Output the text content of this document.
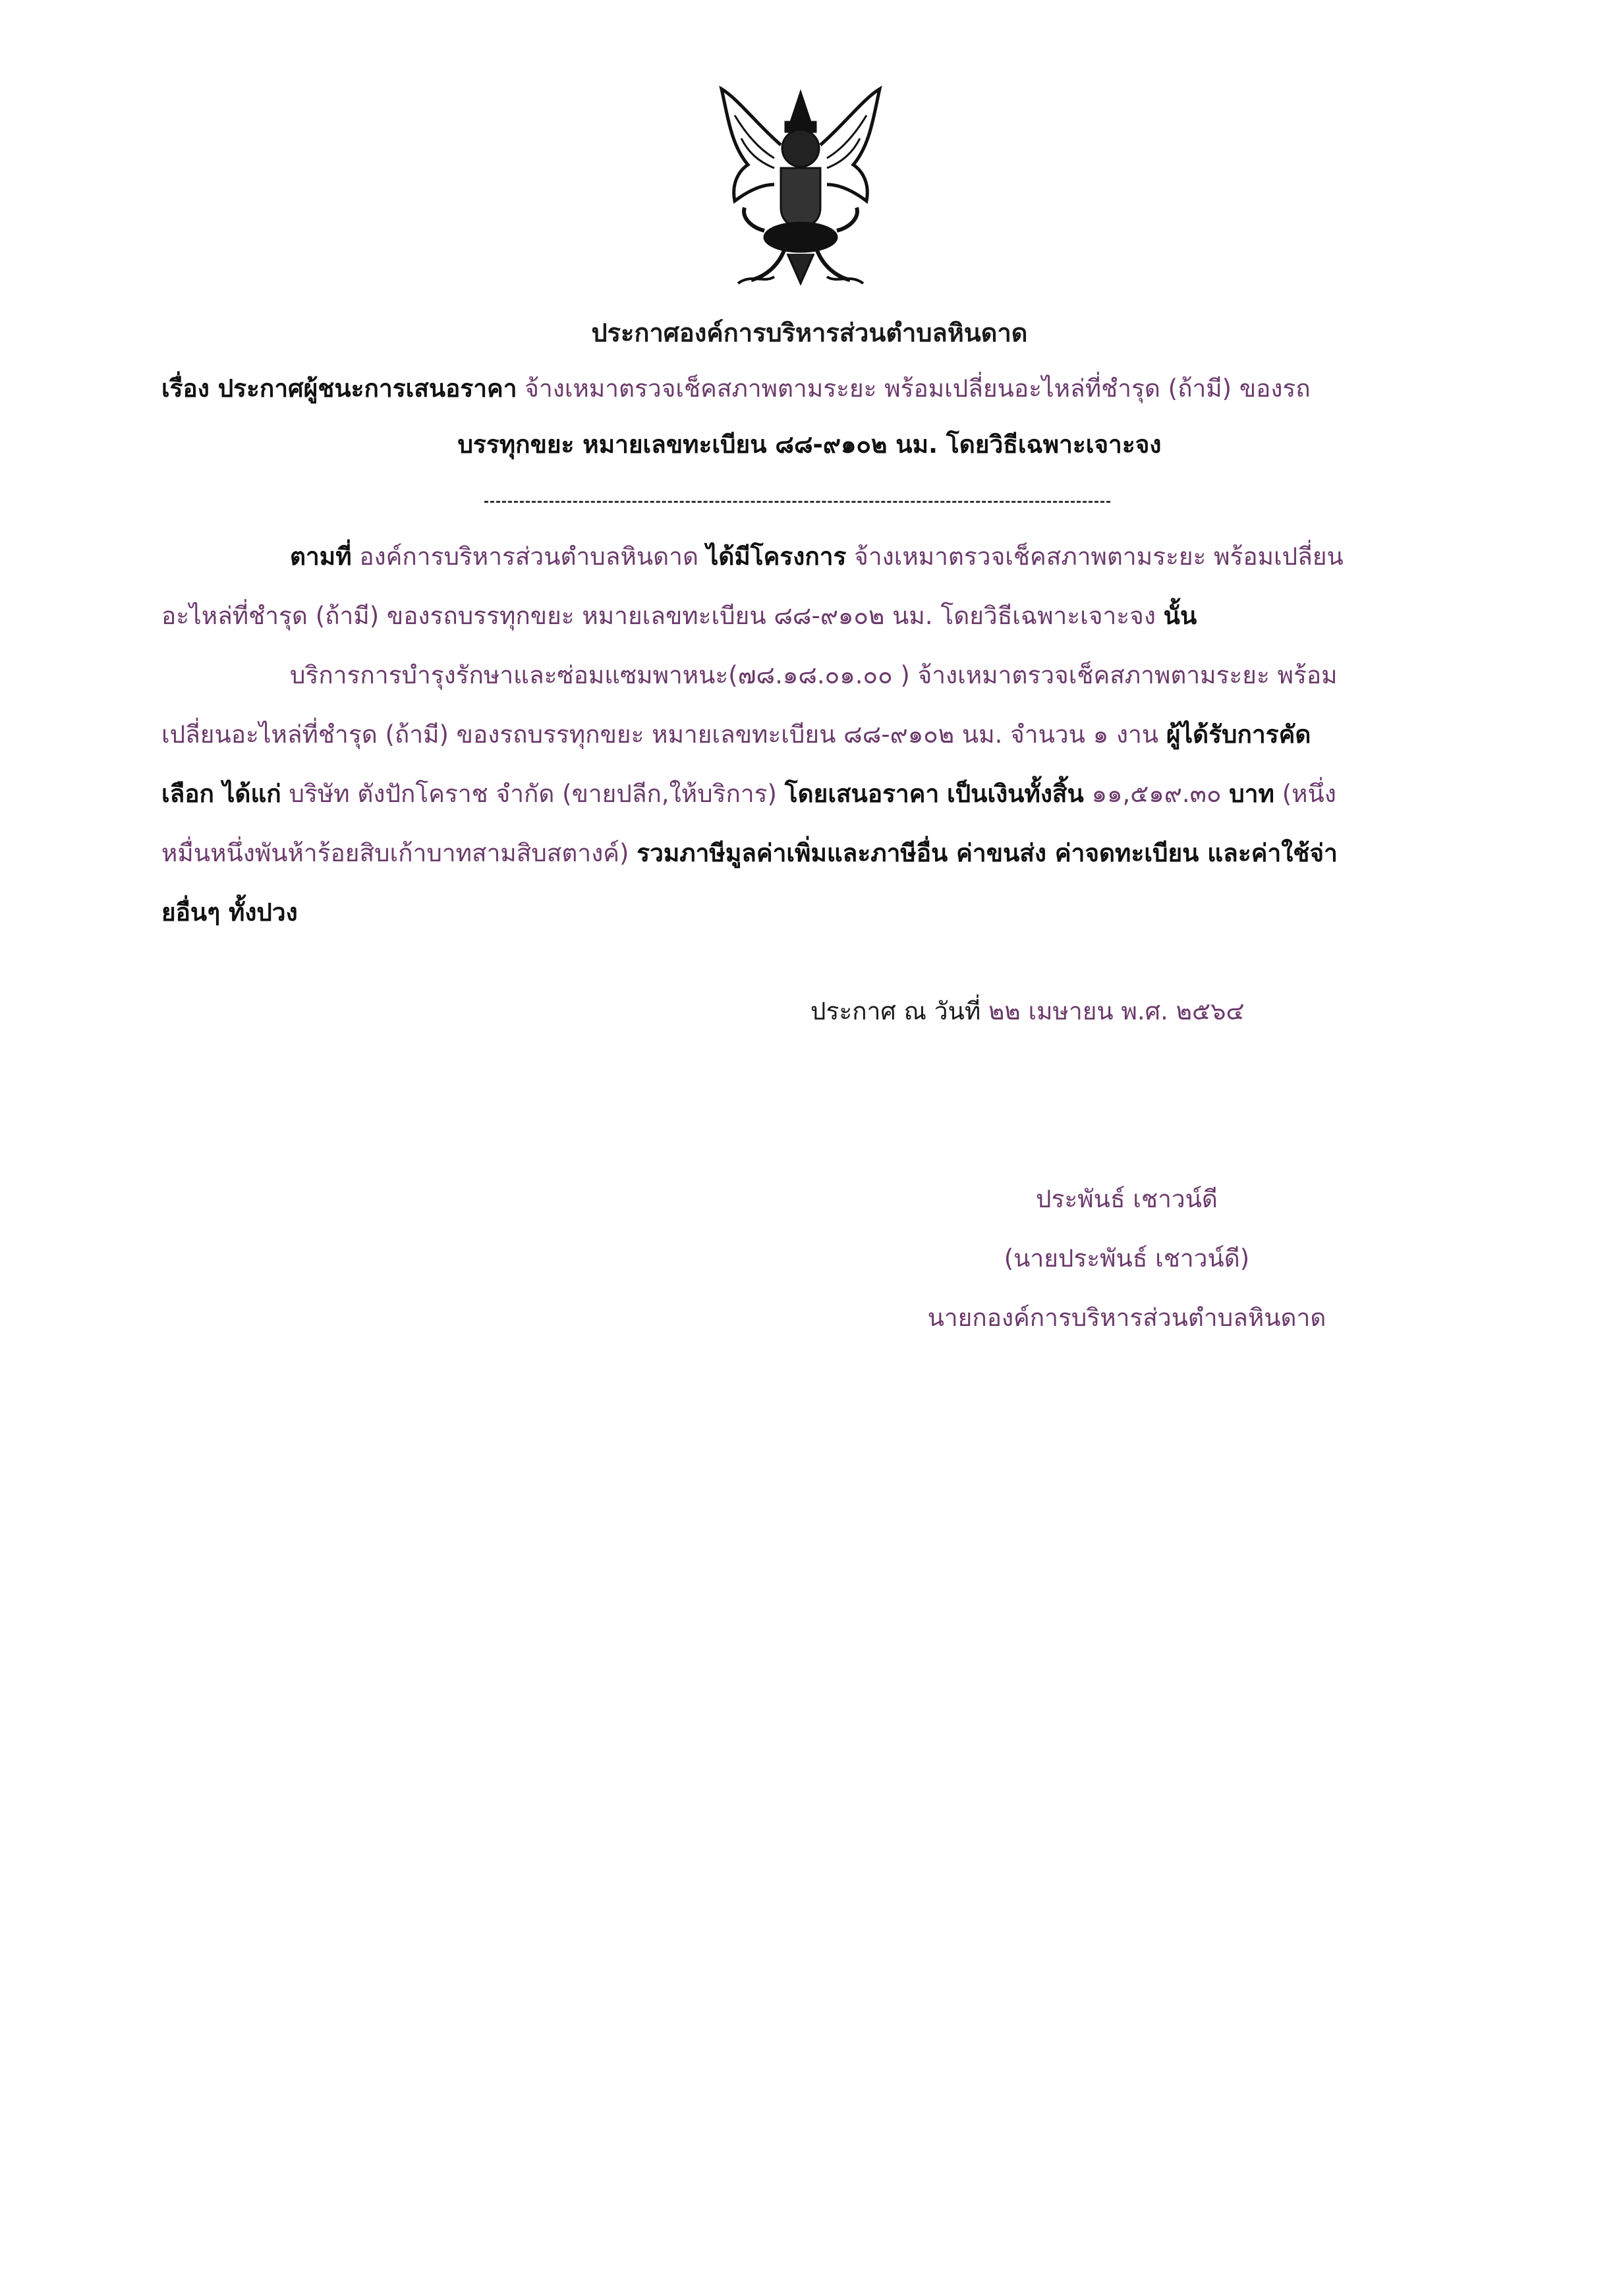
ประกาศองค์การบริหารส่วนตำบลหินดาด
เรื่อง ประกาศผู้ชนะการเสนอราคา จ้างเหมาตรวจเช็คสภาพตามระยะ พร้อมเปลี่ยนอะไหล่ที่ชำรุด (ถ้ามี) ของรถ
บรรทุกขยะ หมายเลขทะเบียน ๘๘-๙๑๐๒ นม. โดยวิธีเฉพาะเจาะจง
ตามที่ องค์การบริหารส่วนตำบลหินดาด ได้มีโครงการ จ้างเหมาตรวจเช็คสภาพตามระยะ พร้อมเปลี่ยน
อะไหล่ที่ชำรุด (ถ้ามี) ของรถบรรทุกขยะ หมายเลขทะเบียน ๘๘-๙๑๐๒ นม. โดยวิธีเฉพาะเจาะจง นั้น
บริการการบำรุงรักษาและซ่อมแซมพาหนะ(๗๘.๑๘.๐๑.๐๐ ) จ้างเหมาตรวจเช็คสภาพตามระยะ พร้อม
เปลี่ยนอะไหล่ที่ชำรุด (ถ้ามี) ของรถบรรทุกขยะ หมายเลขทะเบียน ๘๘-๙๑๐๒ นม. จำนวน ๑ งาน ผู้ได้รับการคัด
เลือก ได้แก่ บริษัท ตังปักโคราช จำกัด (ขายปลีก,ให้บริการ) โดยเสนอราคา เป็นเงินทั้งสิ้น ๑๑,๕๑๙.๓๐ บาท (หนึ่ง
หมื่นหนึ่งพันห้าร้อยสิบเก้าบาทสามสิบสตางค์) รวมภาษีมูลค่าเพิ่มและภาษีอื่น ค่าขนส่ง ค่าจดทะเบียน และค่าใช้จ่า
ยอื่นๆ ทั้งปวง
ประกาศ ณ วันที่ ๒๒ เมษายน พ.ศ. ๒๕๖๔
ประพันธ์ เชาวน์ดี
(นายประพันธ์ เชาวน์ดี)
นายกองค์การบริหารส่วนตำบลหินดาด
